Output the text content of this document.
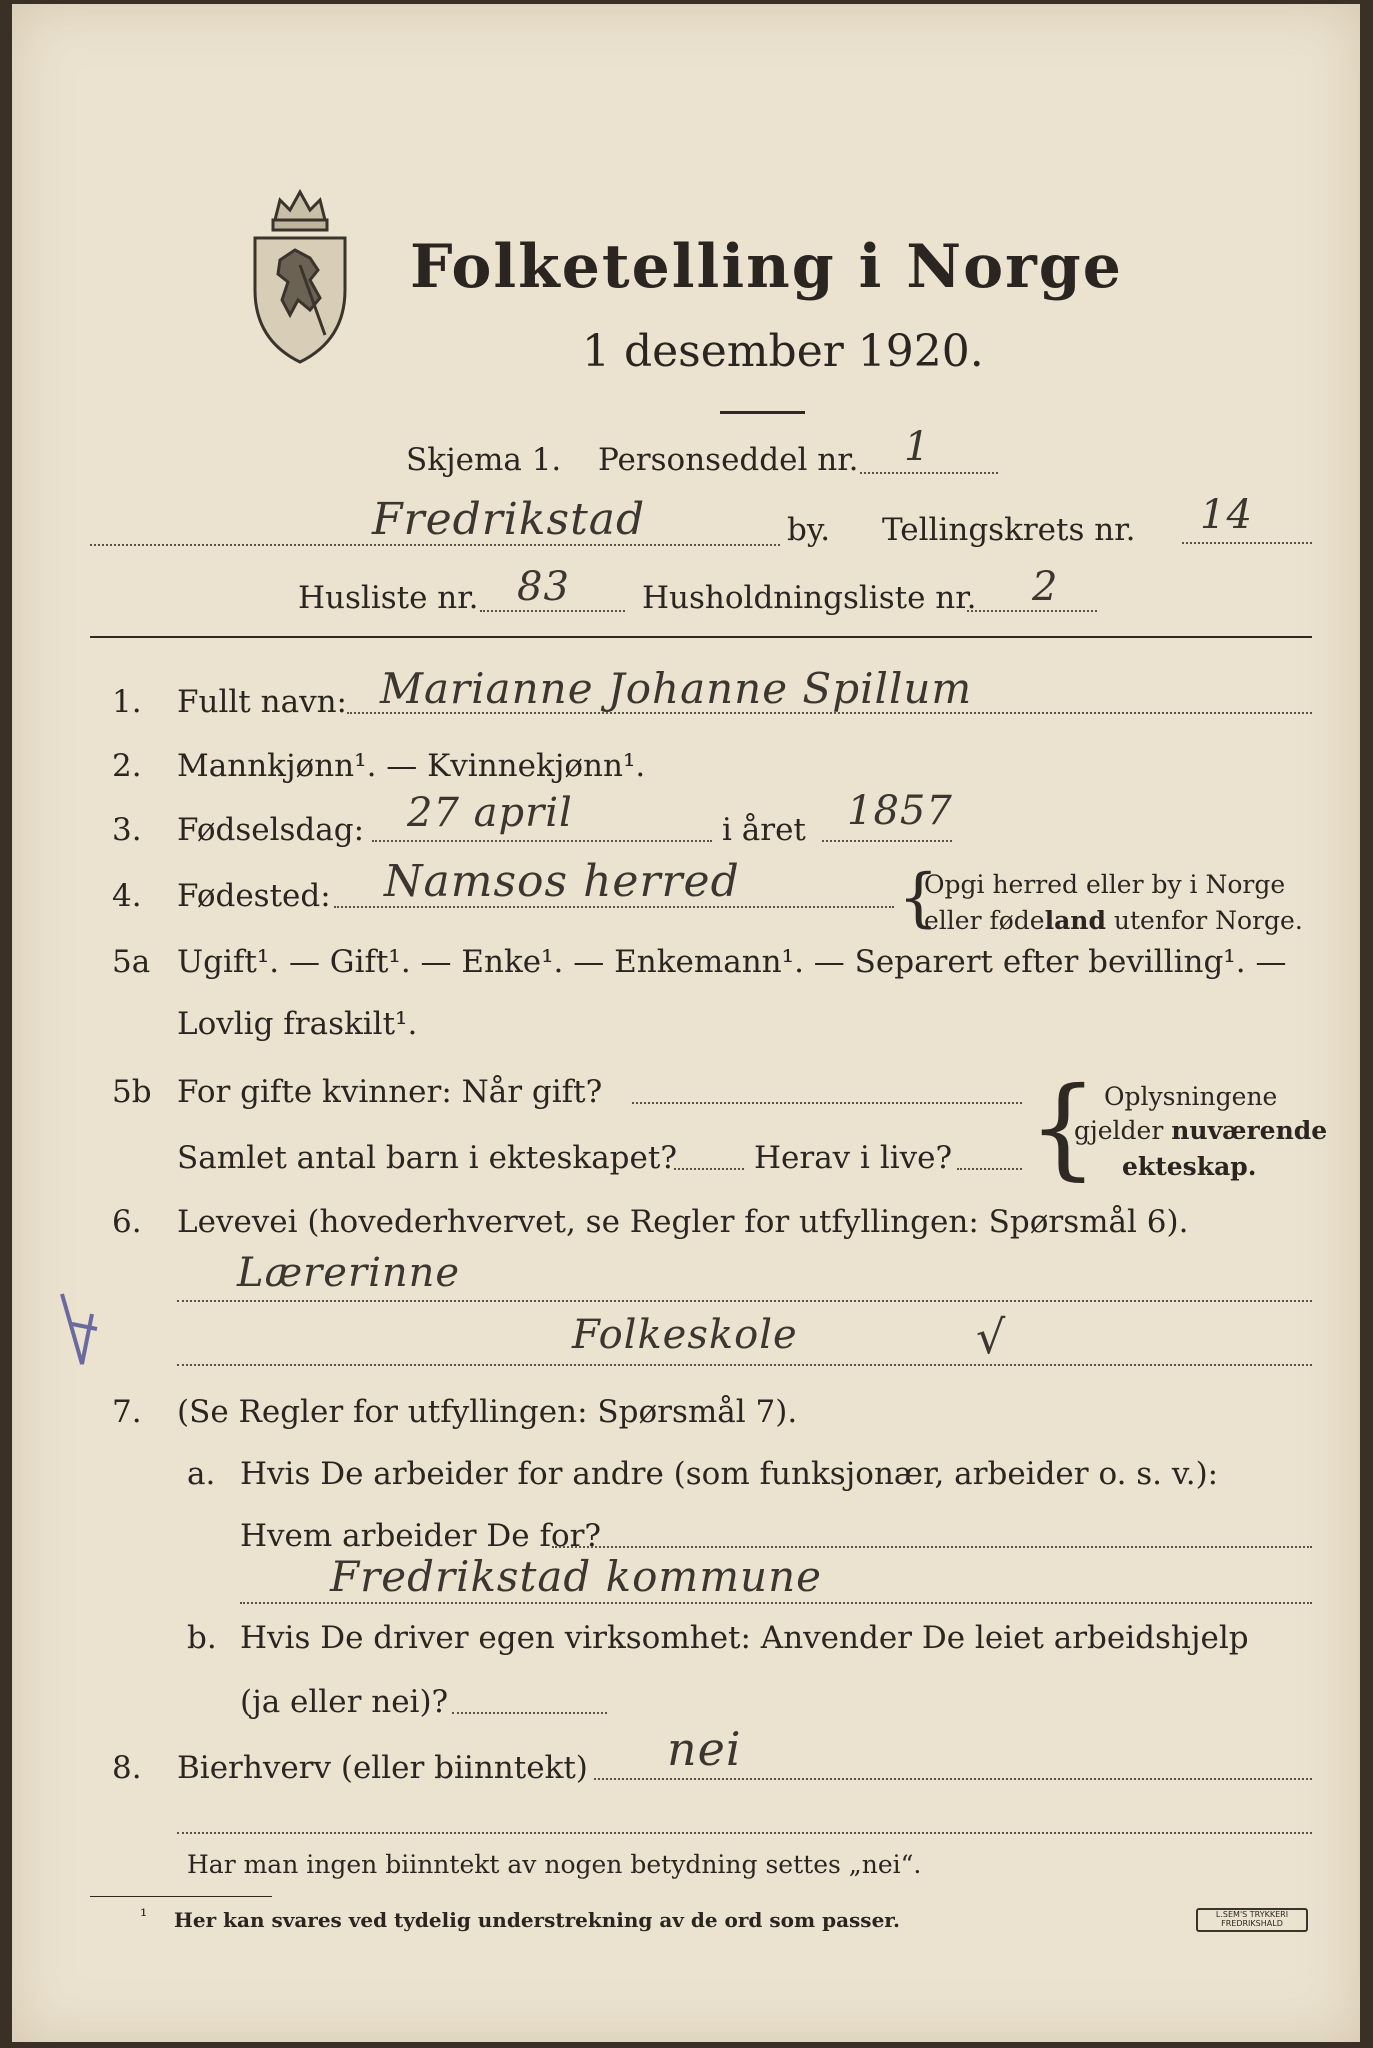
Folketelling i Norge
1 desember 1920.
Skjema 1. Personseddel nr. 1
Fredrikstad	by. Tellingskrets nr. 14
Husliste nr. 83 Husholdningsliste nr. 2
1. Fullt navn: Marianne Johanne Spillum
2. Mannkjønn¹. — Kvinnekjønn¹.
3. Fødselsdag: 27 april	i året 1857
4. Fødested: Namsos herred {
Opgi herred eller by i Norge
eller fødeland utenfor Norge.
5a Ugift¹. — Gift¹. — Enke¹. — Enkemann¹. — Separert efter bevilling¹. —
Lovlig fraskilt¹.
5b For gifte kvinner: Når gift?
Samlet antal barn i ekteskapet? Herav i live? { Oplysningene
gjelder nuværende
ekteskap.
6. Levevei (hovederhvervet, se Regler for utfyllingen: Spørsmål 6).
Lærerinne
Folkeskole	√
7. (Se Regler for utfyllingen: Spørsmål 7).
a. Hvis De arbeider for andre (som funksjonær, arbeider o. s. v.):
Hvem arbeider De for?
Fredrikstad kommune
b. Hvis De driver egen virksomhet: Anvender De leiet arbeidshjelp
(ja eller nei)?
8. Bierhverv (eller biinntekt) nei
Har man ingen biinntekt av nogen betydning settes „nei“.
¹ Her kan svares ved tydelig understrekning av de ord som passer.	L.SEM'S TRYKKERI FREDRIKSHALD
